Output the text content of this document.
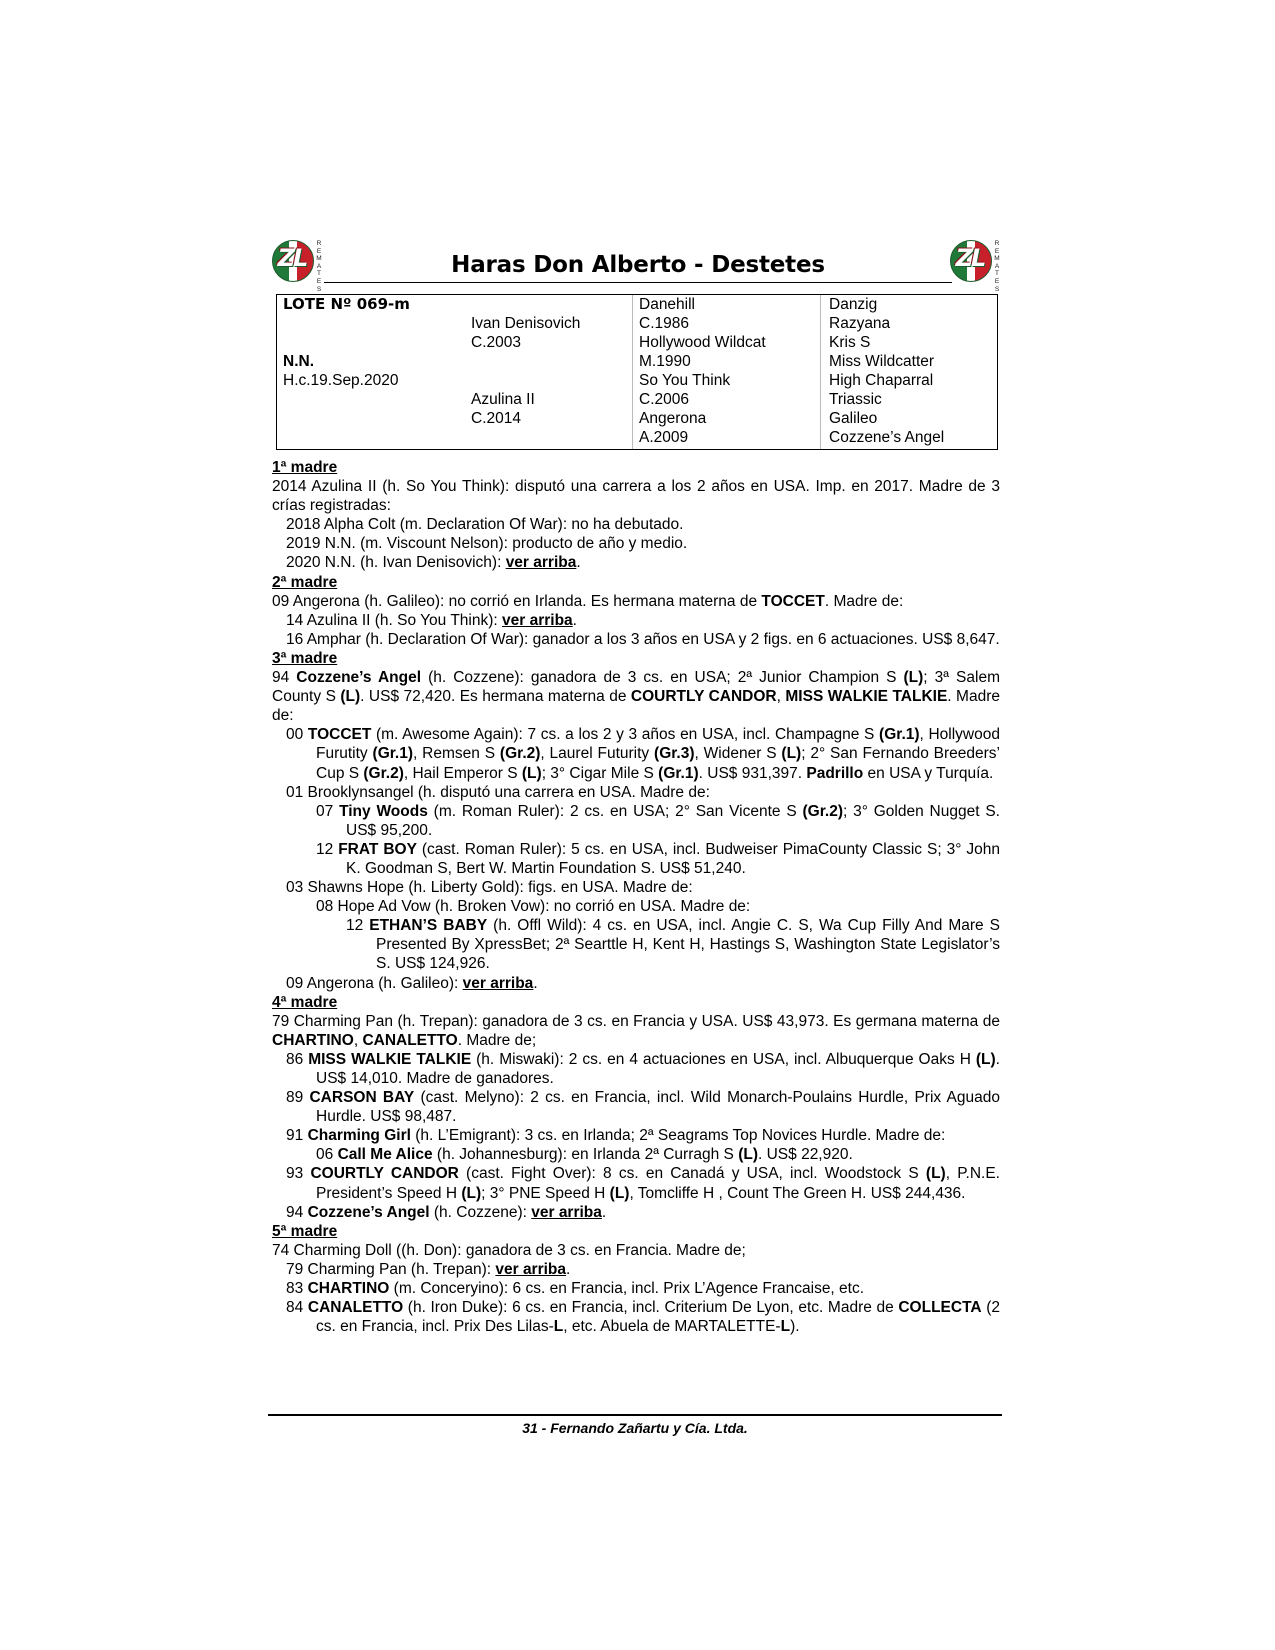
ZL
R
E
M
A
T
E
S
Haras Don Alberto - Destetes	ZL
R
E
M
A
T
E
S
LOTE Nº 069-m
N.N.
H.c.19.Sep.2020
Ivan Denisovich
C.2003
Azulina II
C.2014
Danehill
C.1986
Hollywood Wildcat
M.1990
So You Think
C.2006
Angerona
A.2009
Danzig
Razyana
Kris S
Miss Wildcatter
High Chaparral
Triassic
Galileo
Cozzene’s Angel

1ª madre

2014 Azulina II (h. So You Think): disputó una carrera a los 2 años en USA. Imp. en 2017. Madre de 3 crías registradas:

2018 Alpha Colt (m. Declaration Of War): no ha debutado.

2019 N.N. (m. Viscount Nelson): producto de año y medio.

2020 N.N. (h. Ivan Denisovich): ver arriba.

2ª madre

09 Angerona (h. Galileo): no corrió en Irlanda. Es hermana materna de TOCCET. Madre de:

14 Azulina II (h. So You Think): ver arriba.

16 Amphar (h. Declaration Of War): ganador a los 3 años en USA y 2 figs. en 6 actuaciones. US$ 8,647.

3ª madre

94 Cozzene’s Angel (h. Cozzene): ganadora de 3 cs. en USA; 2ª Junior Champion S (L); 3ª Salem County S (L). US$ 72,420. Es hermana materna de COURTLY CANDOR, MISS WALKIE TALKIE. Madre de:

00 TOCCET (m. Awesome Again): 7 cs. a los 2 y 3 años en USA, incl. Champagne S (Gr.1), Hollywood Furutity (Gr.1), Remsen S (Gr.2), Laurel Futurity (Gr.3), Widener S (L); 2° San Fernando Breeders’ Cup S (Gr.2), Hail Emperor S (L); 3° Cigar Mile S (Gr.1). US$ 931,397. Padrillo en USA y Turquía.

01 Brooklynsangel (h. disputó una carrera en USA. Madre de:

07 Tiny Woods (m. Roman Ruler): 2 cs. en USA; 2° San Vicente S (Gr.2); 3° Golden Nugget S. US$ 95,200.

12 FRAT BOY (cast. Roman Ruler): 5 cs. en USA, incl. Budweiser PimaCounty Classic S; 3° John K. Goodman S, Bert W. Martin Foundation S. US$ 51,240.

03 Shawns Hope (h. Liberty Gold): figs. en USA. Madre de:

08 Hope Ad Vow (h. Broken Vow): no corrió en USA. Madre de:

12 ETHAN’S BABY (h. Offl Wild): 4 cs. en USA, incl. Angie C. S, Wa Cup Filly And Mare S Presented By XpressBet; 2ª Searttle H, Kent H, Hastings S, Washington State Legislator’s S. US$ 124,926.

09 Angerona (h. Galileo): ver arriba.

4ª madre

79 Charming Pan (h. Trepan): ganadora de 3 cs. en Francia y USA. US$ 43,973. Es germana materna de CHARTINO, CANALETTO. Madre de;

86 MISS WALKIE TALKIE (h. Miswaki): 2 cs. en 4 actuaciones en USA, incl. Albuquerque Oaks H (L). US$ 14,010. Madre de ganadores.

89 CARSON BAY (cast. Melyno): 2 cs. en Francia, incl. Wild Monarch-Poulains Hurdle, Prix Aguado Hurdle. US$ 98,487.

91 Charming Girl (h. L’Emigrant): 3 cs. en Irlanda; 2ª Seagrams Top Novices Hurdle. Madre de:

06 Call Me Alice (h. Johannesburg): en Irlanda 2ª Curragh S (L). US$ 22,920.

93 COURTLY CANDOR (cast. Fight Over): 8 cs. en Canadá y USA, incl. Woodstock S (L), P.N.E. President’s Speed H (L); 3° PNE Speed H (L), Tomcliffe H , Count The Green H. US$ 244,436.

94 Cozzene’s Angel (h. Cozzene): ver arriba.

5ª madre

74 Charming Doll ((h. Don): ganadora de 3 cs. en Francia. Madre de;

79 Charming Pan (h. Trepan): ver arriba.

83 CHARTINO (m. Conceryino): 6 cs. en Francia, incl. Prix L’Agence Francaise, etc.

84 CANALETTO (h. Iron Duke): 6 cs. en Francia, incl. Criterium De Lyon, etc. Madre de COLLECTA (2 cs. en Francia, incl. Prix Des Lilas-L, etc. Abuela de MARTALETTE-L).

31 - Fernando Zañartu y Cía. Ltda.
